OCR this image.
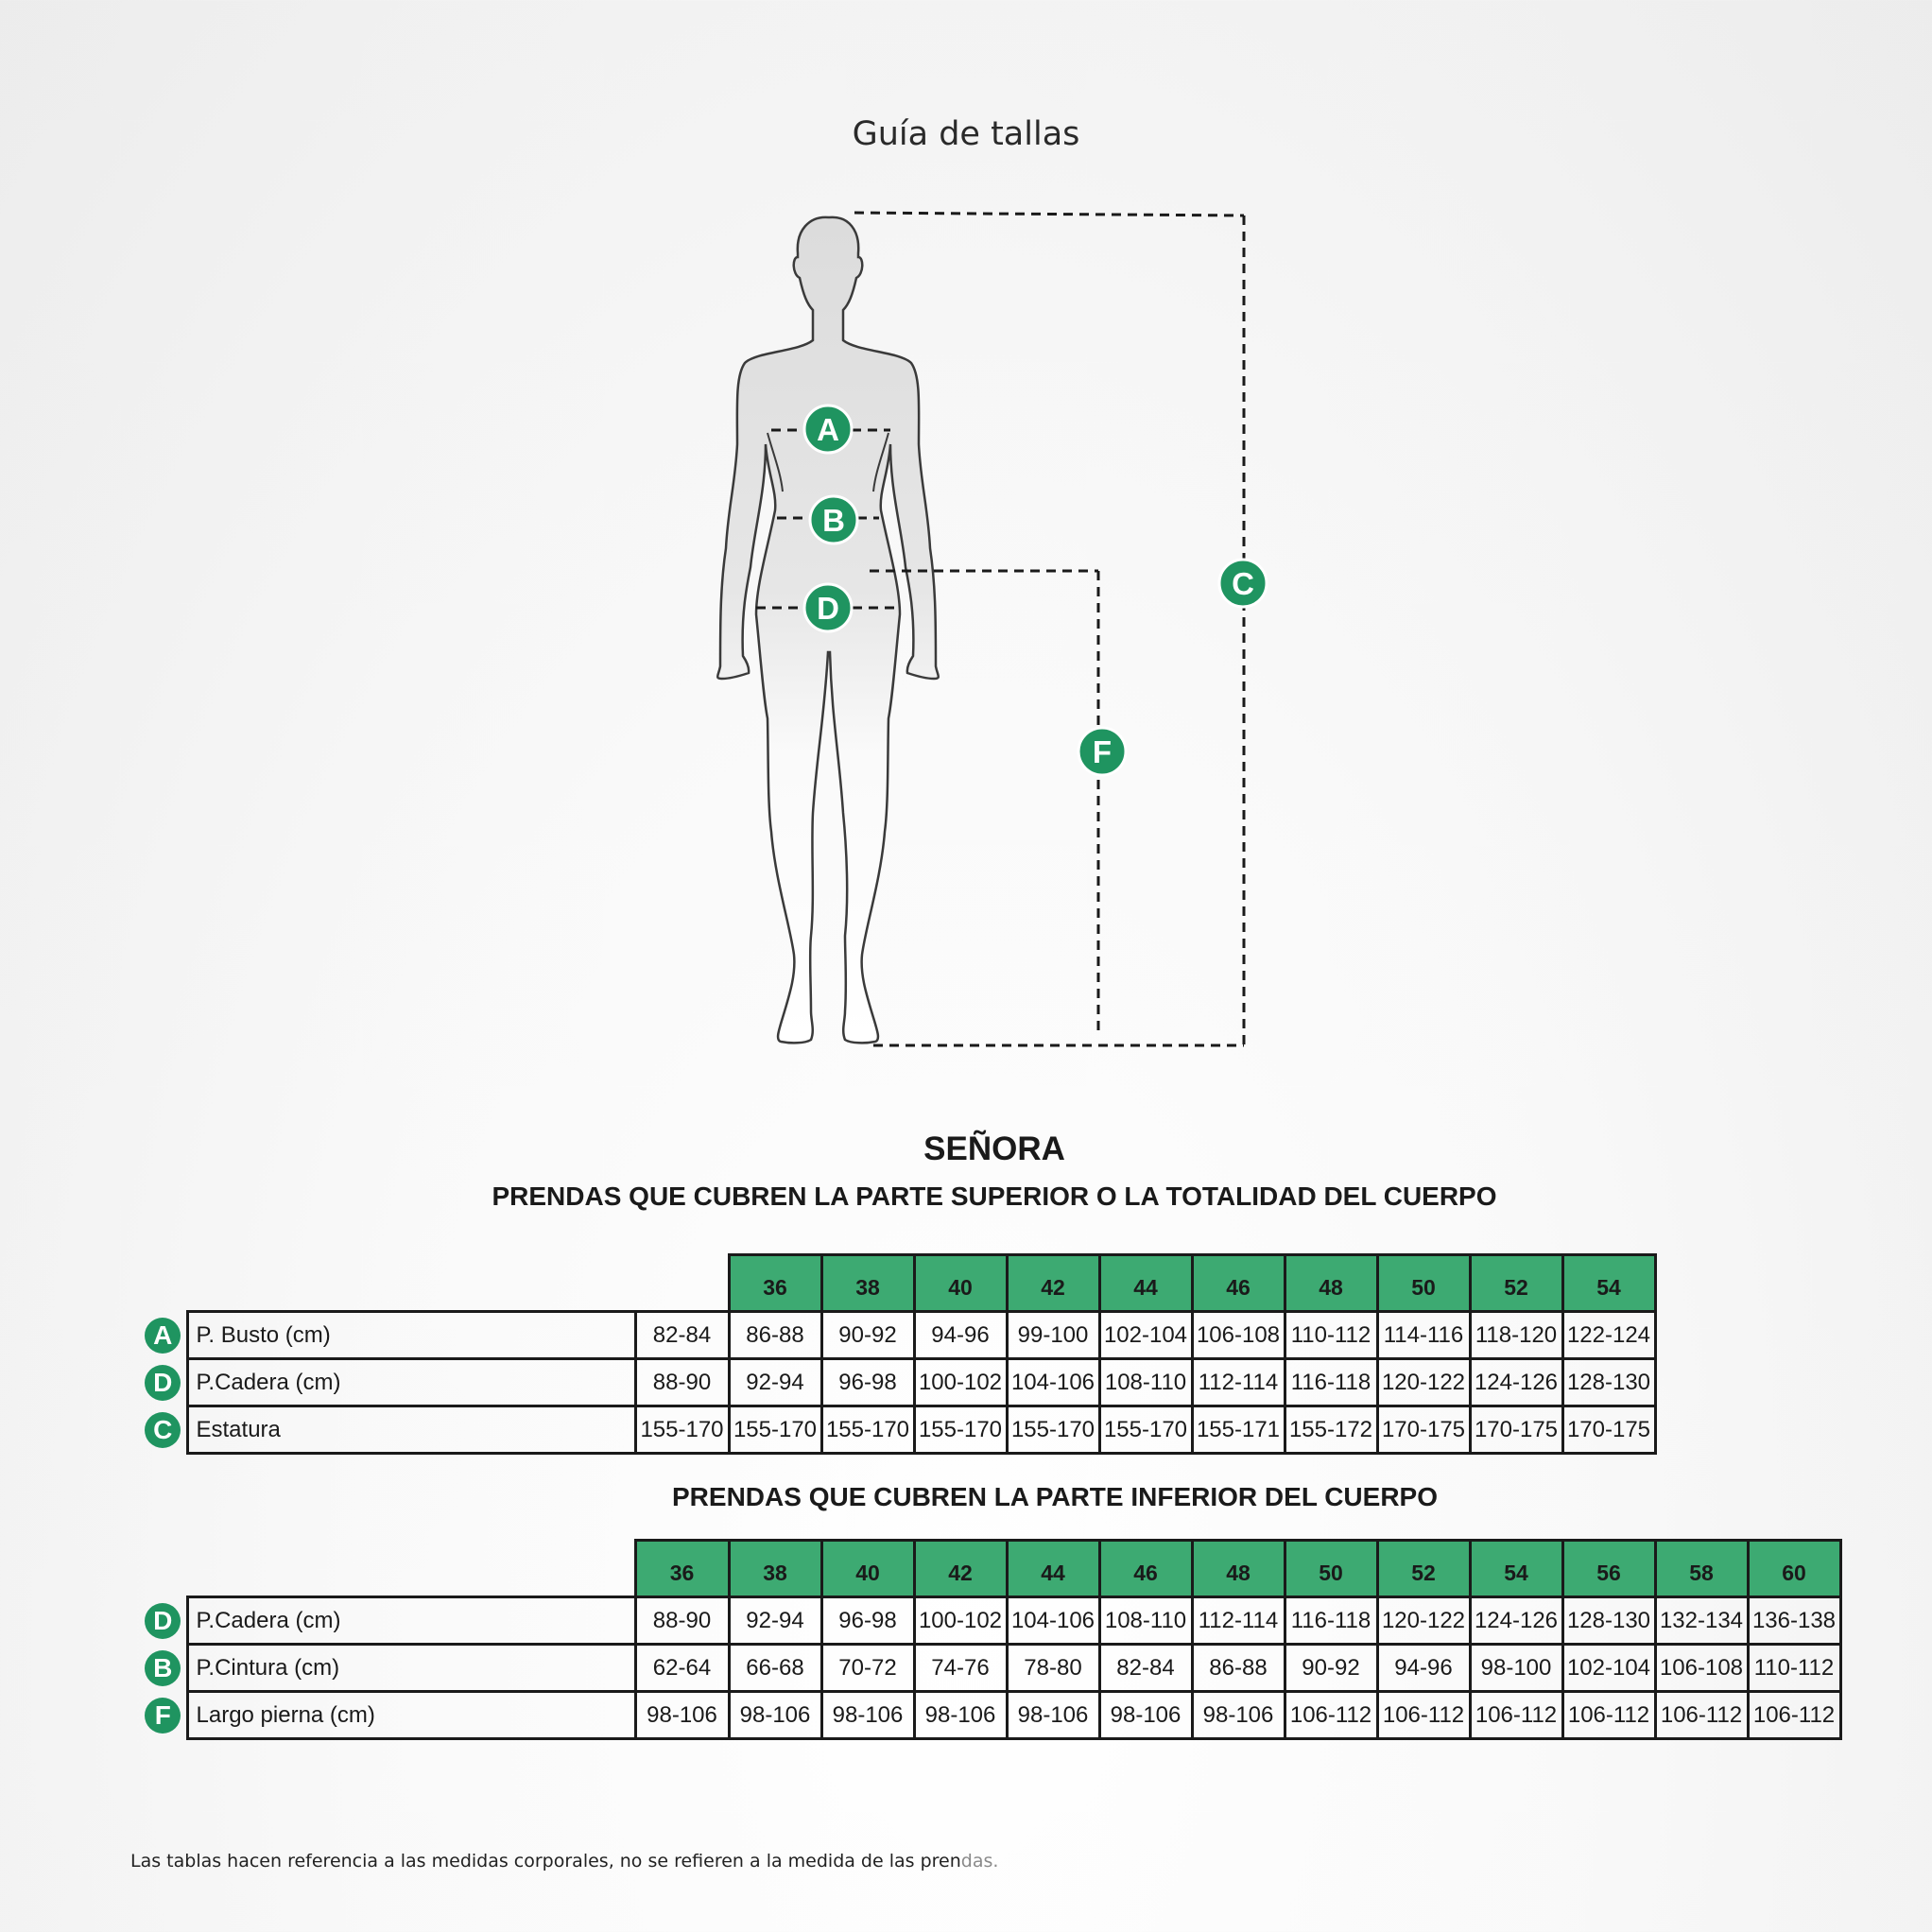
Guía de tallas
A
B
D
F
C
SEÑORA
PRENDAS QUE CUBREN LA PARTE SUPERIOR O LA TOTALIDAD DEL CUERPO
			36	38	40	42	44	46	48	50	52	54
A	P. Busto (cm)	82-84	86-88	90-92	94-96	99-100	102-104	106-108	110-112	114-116	118-120	122-124
D	P.Cadera (cm)	88-90	92-94	96-98	100-102	104-106	108-110	112-114	116-118	120-122	124-126	128-130
C	Estatura	155-170	155-170	155-170	155-170	155-170	155-170	155-171	155-172	170-175	170-175	170-175
PRENDAS QUE CUBREN LA PARTE INFERIOR DEL CUERPO
		36	38	40	42	44	46	48	50	52	54	56	58	60
D	P.Cadera (cm)	88-90	92-94	96-98	100-102	104-106	108-110	112-114	116-118	120-122	124-126	128-130	132-134	136-138
B	P.Cintura (cm)	62-64	66-68	70-72	74-76	78-80	82-84	86-88	90-92	94-96	98-100	102-104	106-108	110-112
F	Largo pierna (cm)	98-106	98-106	98-106	98-106	98-106	98-106	98-106	106-112	106-112	106-112	106-112	106-112	106-112
Las tablas hacen referencia a las medidas corporales, no se refieren a la medida de las prendas.
